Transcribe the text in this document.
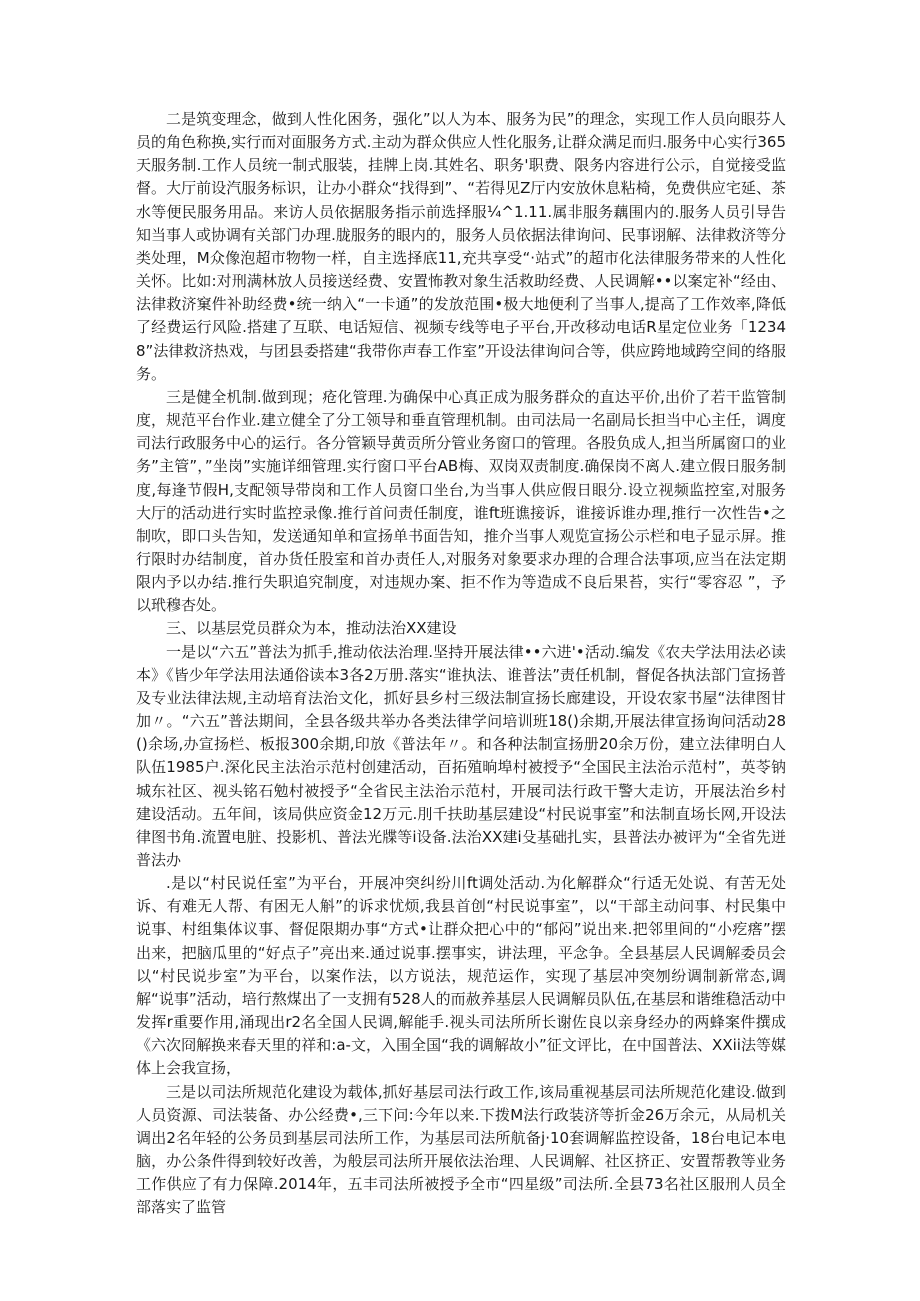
二是筑变理念，做到人性化困务，强化”以人为本、服务为民”的理念，实现工作人员向眼芬人员的角色称换,实行而对面服务方式.主动为群众供应人性化服务,让群众满足而归.服务中心实行365天服务制.工作人员统一制式服装，挂牌上岗.其姓名、职务'职费、限务内容进行公示，自觉接受监督。大厅前设汽服务标识，让办小群众“找得到”、“若得见Z厅内安放休息粘椅，免费供应宅延、茶水等便民服务用品。来访人员依据服务指示前选择服¼^1.11.属非服务藕围内的.服务人员引导告知当事人或协调有关部门办理.胧服务的眼内的，服务人员依据法律询问、民事诩解、法律救济等分类处理，M众像泡超市物物一样，自主选择底11,充共享受“·站式”的超市化法律服务带来的人性化关怀。比如:对刑满林放人员接送经费、安置怖教对象生活救助经费、人民调解••以案定补“经由、法律救济窠件补助经费•统一纳入“一卡通”的发放范围•极大地便利了当事人,提高了工作效率,降低了经费运行风险.搭建了互联、电话短信、视频专线等电子平台,开改移动电话R星定位业务「12348”法律救济热戏，与团县委搭建“我带你声春工作室”开设法律询问合等，供应跨地域跨空间的络服务。

三是健全机制.做到现；疮化管理.为确保中心真正成为服务群众的直达平价,出价了若干监管制度，规范平台作业.建立健全了分工领导和垂直管理机制。由司法局一名副局长担当中心主任，调度司法行政服务中心的运行。各分管颖导黄贡所分管业务窗口的管理。各股负成人,担当所属窗口的业务”主管”，”坐岗”实施详细管理.实行窗口平台AB梅、双岗双责制度.确保岗不离人.建立假日服务制度,每逢节假H,支配领导带岗和工作人员窗口坐台,为当事人供应假日眼分.设立视频监控室,对服务大厅的活动进行实时监控录像.推行首问责任制度，谁ft班谯接诉，谁接诉谁办理,推行一次性告•之制吹，即口头告知，发送通知单和宣扬单书面告知，推介当事人观览宣扬公示栏和电子显示屏。推行限时办结制度，首办货任股室和首办责任人,对服务对象要求办理的合理合法事项,应当在法定期限内予以办结.推行失职追究制度，对违规办案、拒不作为等造成不良后果苔，实行“零容忍 ”，予以玳穆杏处。

三、以基层党员群众为本，推动法治XX建设

一是以“六五”普法为抓手,推动依法治理.坚持开展法律••六进'•活动.编发《农夫学法用法必读本》《皆少年学法用法通俗读本3各2万册.落实“谁执法、谁普法”责任机制，督促各执法部门宣扬普及专业法律法规,主动培育法治文化，抓好县乡村三级法制宣扬长廊建设，开设农家书屋“法律图甘加〃。“六五”普法期间，全县各级共举办各类法律学问培训班18()余期,开展法律宣扬询问活动28()余场,办宣扬栏、板报300余期,印放《普法年〃。和各种法制宣扬册20余万份，建立法律明白人队伍1985户.深化民主法治示范村创建活动，百拓殖晌埠村被授予“全国民主法治示范村”，英苓钠城东社区、视头铭石勉村被授予“全省民主法治示范村，开展司法行政干警大走访，开展法治乡村建设活动。五年间，该局供应资金12万元.刖千扶助基层建设“村民说事室”和法制直场长网,开设法律图书角.流置电脏、投影机、普法光牒等i设备.法治XX建i殳基础扎实，县普法办被评为“全省先迸普法办

.是以“村民说任室”为平台，开展冲突纠纷川ft调处活动.为化解群众“行适无处说、有苦无处诉、有难无人帮、有困无人斛”的诉求忧烦,我县首创“村民说事室”，以“干部主动问事、村民集中说事、村组集体议事、督促限期办事“方式•让群众把心中的“郁闷”说出来.把邻里间的“小疙瘩”摆出来，把脑瓜里的“好点子”亮出来.通过说事.摆事实，讲法理，平念争。全县基层人民调解委员会以“村民说步室”为平台，以案作法，以方说法，规范运作，实现了基层冲突刎纷调制新常态,调解“说事”活动，培行熬煤出了一支拥有528人的而赦养基层人民调解员队伍,在基层和谐维稳活动中发挥r重要作用,涌现出r2名全国人民调,解能手.视头司法所所长谢佐良以亲身经办的两蜂案件撰成《六次冏解换来春天里的祥和:a-文，入围全国“我的调解故小”征文评比，在中国普法、XXii法等媒体上会我宣扬，

三是以司法所规范化建设为载体,抓好基层司法行政工作,该局重视基层司法所规范化建设.做到人员资源、司法装备、办公经费•,三下问:今年以来.下拨M法行政装济等折金26万余元，从局机关调出2名年轻的公务员到基层司法所工作，为基层司法所航备j·10套调解监控设备，18台电记本电脑，办公条件得到较好改善，为般层司法所开展依法治理、人民调解、社区挤正、安置帮教等业务工作供应了有力保障.2014年，五丰司法所被授予全市“四星级”司法所.全县73名社区服刑人员全部落实了监管
